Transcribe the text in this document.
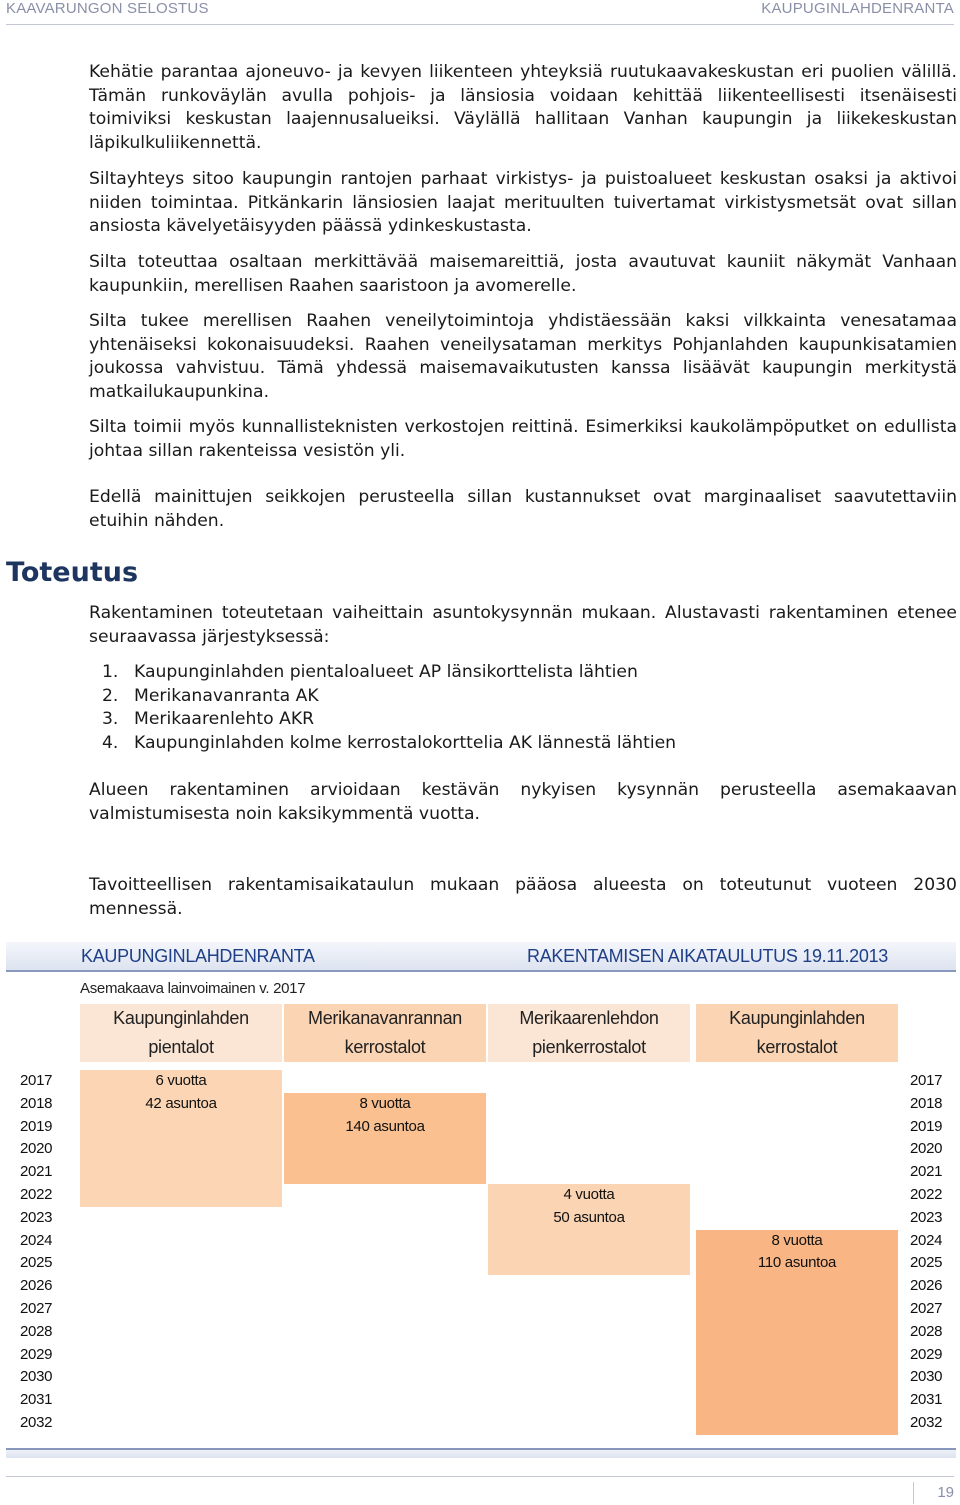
KAAVARUNGON SELOSTUS	KAUPUGINLAHDENRANTA

Kehätie parantaa ajoneuvo- ja kevyen liikenteen yhteyksiä ruutukaavakeskustan eri puolien välillä. Tämän runkoväylän avulla pohjois- ja länsiosia voidaan kehittää liikenteellisesti itsenäisesti toimiviksi keskustan laajennusalueiksi. Väylällä hallitaan Vanhan kaupungin ja liikekeskustan läpikulkuliikennettä.

Siltayhteys sitoo kaupungin rantojen parhaat virkistys- ja puistoalueet keskustan osaksi ja aktivoi niiden toimintaa. Pitkänkarin länsiosien laajat merituulten tuivertamat virkistysmetsät ovat sillan ansiosta kävelyetäisyyden päässä ydinkeskustasta.

Silta toteuttaa osaltaan merkittävää maisemareittiä, josta avautuvat kauniit näkymät Vanhaan kaupunkiin, merellisen Raahen saaristoon ja avomerelle.

Silta tukee merellisen Raahen veneilytoimintoja yhdistäessään kaksi vilkkainta venesatamaa yhtenäiseksi kokonaisuudeksi. Raahen veneilysataman merkitys Pohjanlahden kaupunkisatamien joukossa vahvistuu. Tämä yhdessä maisemavaikutusten kanssa lisäävät kaupungin merkitystä matkailukaupunkina.

Silta toimii myös kunnallisteknisten verkostojen reittinä. Esimerkiksi kaukolämpöputket on edullista johtaa sillan rakenteissa vesistön yli.

Edellä mainittujen seikkojen perusteella sillan kustannukset ovat marginaaliset saavutettaviin etuihin nähden.

Toteutus

Rakentaminen toteutetaan vaiheittain asuntokysynnän mukaan. Alustavasti rakentaminen etenee seuraavassa järjestyksessä:

1. Kaupunginlahden pientaloalueet AP länsikorttelista lähtien
2. Merikanavanranta AK
3. Merikaarenlehto AKR
4. Kaupunginlahden kolme kerrostalokorttelia AK lännestä lähtien

Alueen rakentaminen arvioidaan kestävän nykyisen kysynnän perusteella asemakaavan valmistumisesta noin kaksikymmentä vuotta.

Tavoitteellisen rakentamisaikataulun mukaan pääosa alueesta on toteutunut vuoteen 2030 mennessä.

KAUPUNGINLAHDENRANTA	RAKENTAMISEN AIKATAULUTUS 19.11.2013
Asemakaava lainvoimainen v. 2017
2017
2018
2019
2020
2021
2022
2023
2024
2025
2026
2027
2028
2029
2030
2031
2032
2017
2018
2019
2020
2021
2022
2023
2024
2025
2026
2027
2028
2029
2030
2031
2032
Kaupunginlahden
pientalot
6 vuotta
42 asuntoa
Merikanavanrannan
kerrostalot
8 vuotta
140 asuntoa
Merikaarenlehdon
pienkerrostalot
4 vuotta
50 asuntoa
Kaupunginlahden
kerrostalot
8 vuotta
110 asuntoa
19
